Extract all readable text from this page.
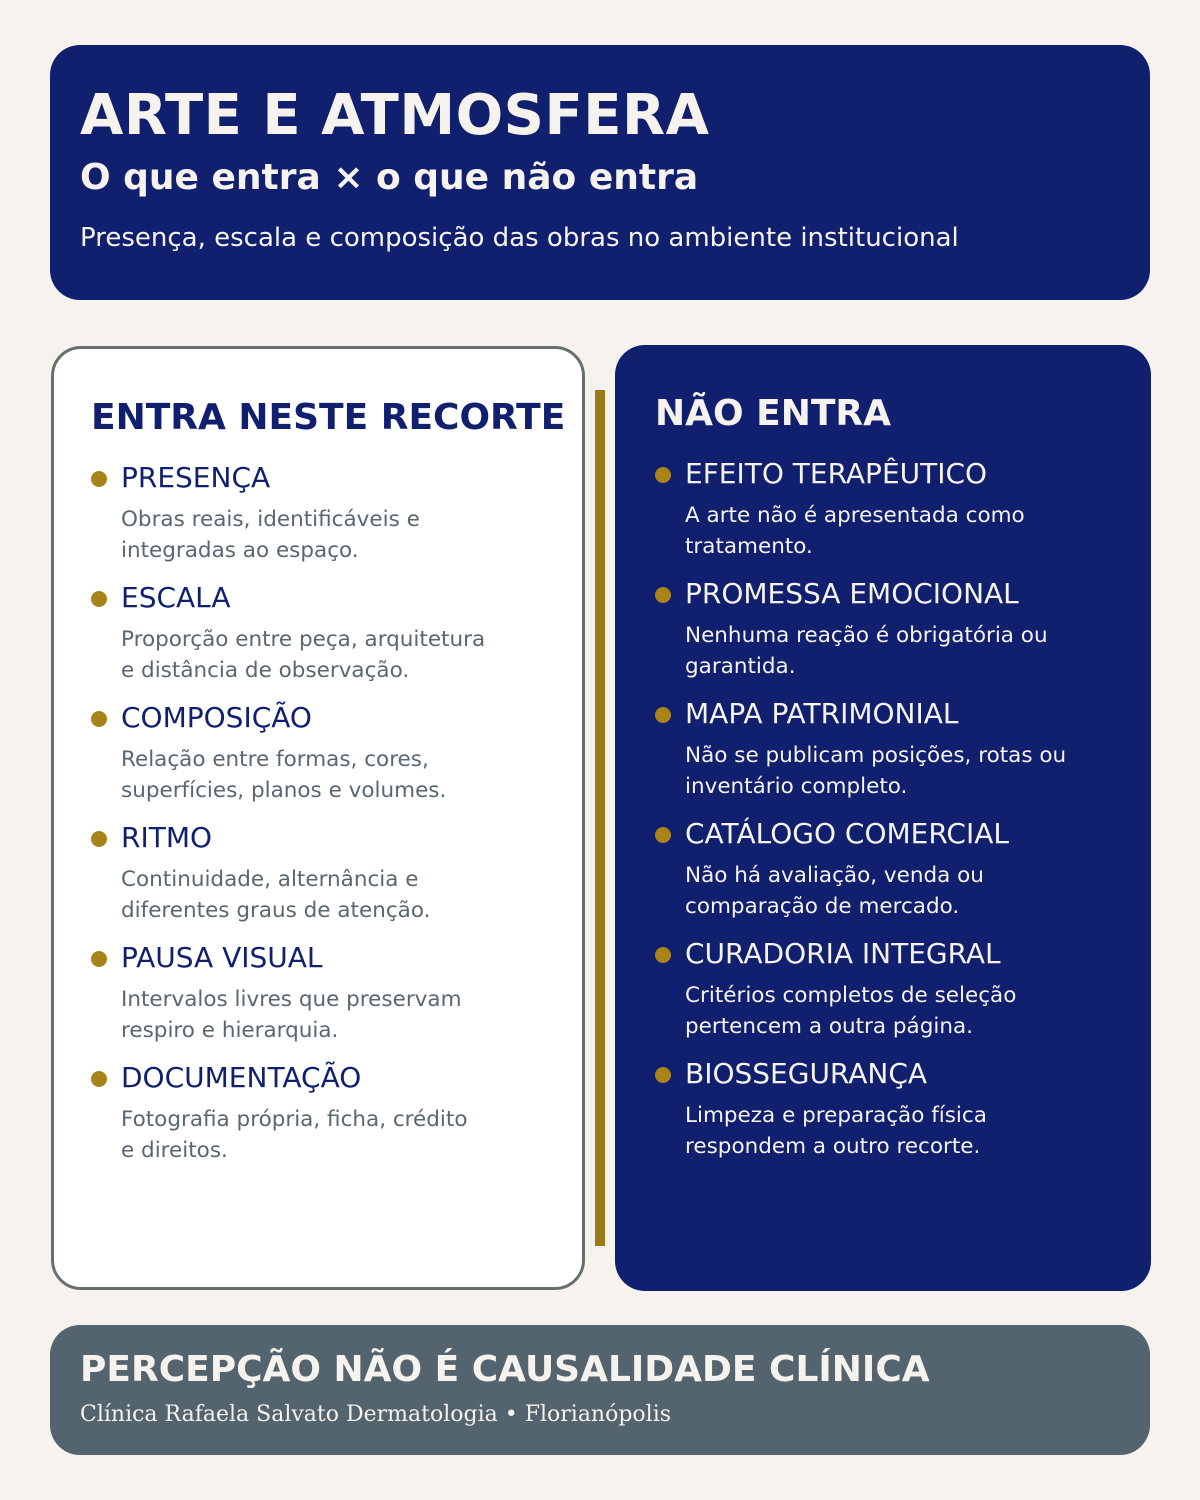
ARTE E ATMOSFERA
O que entra × o que não entra
Presença, escala e composição das obras no ambiente institucional
ENTRA NESTE RECORTE
PRESENÇA
Obras reais, identificáveis e
integradas ao espaço.
ESCALA
Proporção entre peça, arquitetura
e distância de observação.
COMPOSIÇÃO
Relação entre formas, cores,
superfícies, planos e volumes.
RITMO
Continuidade, alternância e
diferentes graus de atenção.
PAUSA VISUAL
Intervalos livres que preservam
respiro e hierarquia.
DOCUMENTAÇÃO
Fotografia própria, ficha, crédito
e direitos.
NÃO ENTRA
EFEITO TERAPÊUTICO
A arte não é apresentada como
tratamento.
PROMESSA EMOCIONAL
Nenhuma reação é obrigatória ou
garantida.
MAPA PATRIMONIAL
Não se publicam posições, rotas ou
inventário completo.
CATÁLOGO COMERCIAL
Não há avaliação, venda ou
comparação de mercado.
CURADORIA INTEGRAL
Critérios completos de seleção
pertencem a outra página.
BIOSSEGURANÇA
Limpeza e preparação física
respondem a outro recorte.
PERCEPÇÃO NÃO É CAUSALIDADE CLÍNICA
Clínica Rafaela Salvato Dermatologia • Florianópolis
